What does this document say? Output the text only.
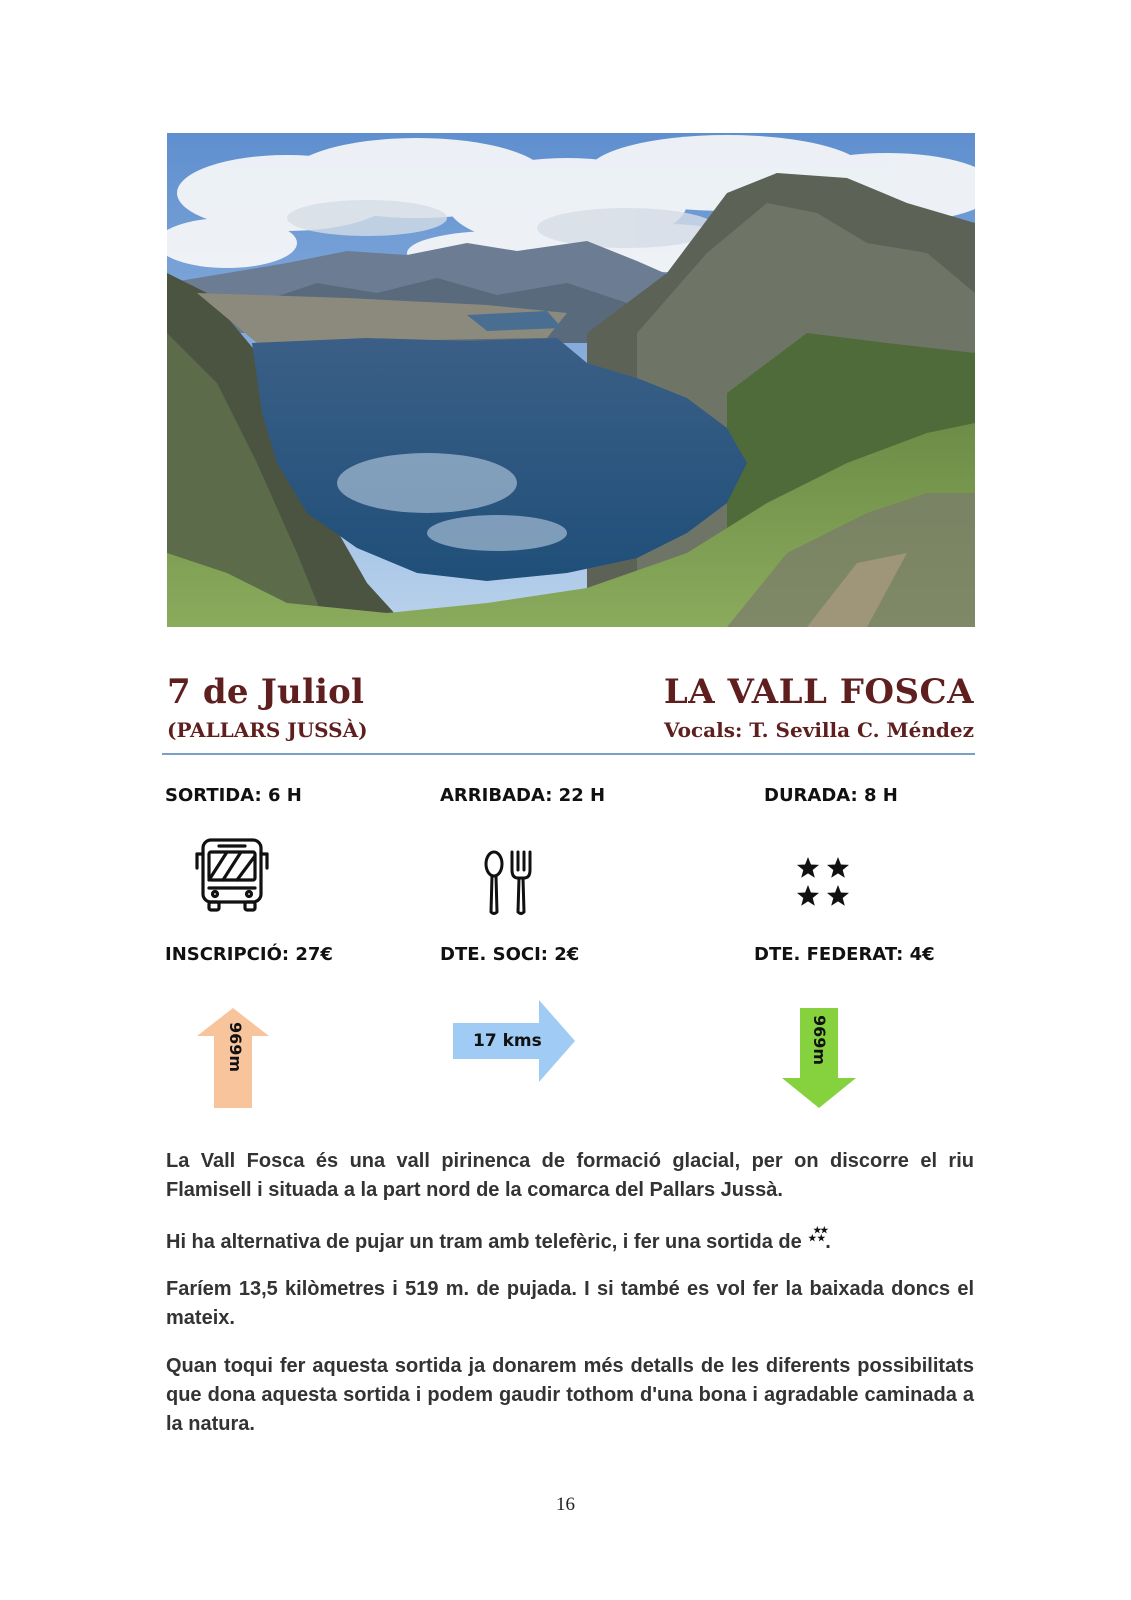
7 de Juliol
(PALLARS JUSSÀ)
LA VALL FOSCA
Vocals: T. Sevilla C. Méndez
SORTIDA: 6 H	ARRIBADA: 22 H	DURADA: 8 H
INSCRIPCIÓ: 27€	DTE. SOCI: 2€	DTE. FEDERAT: 4€
969m	17 kms	969m
La Vall Fosca és una vall pirinenca de formació glacial, per on discorre el riu Flamisell i situada a la part nord de la comarca del Pallars Jussà.
Hi ha alternativa de pujar un tram amb telefèric, i fer una sortida de
★
★ ★
★
.
Faríem 13,5 kilòmetres i 519 m. de pujada. I si també es vol fer la baixada doncs el mateix.
Quan toqui fer aquesta sortida ja donarem més detalls de les diferents possibilitats que dona aquesta sortida i podem gaudir tothom d'una bona i agradable caminada a la natura.
16
